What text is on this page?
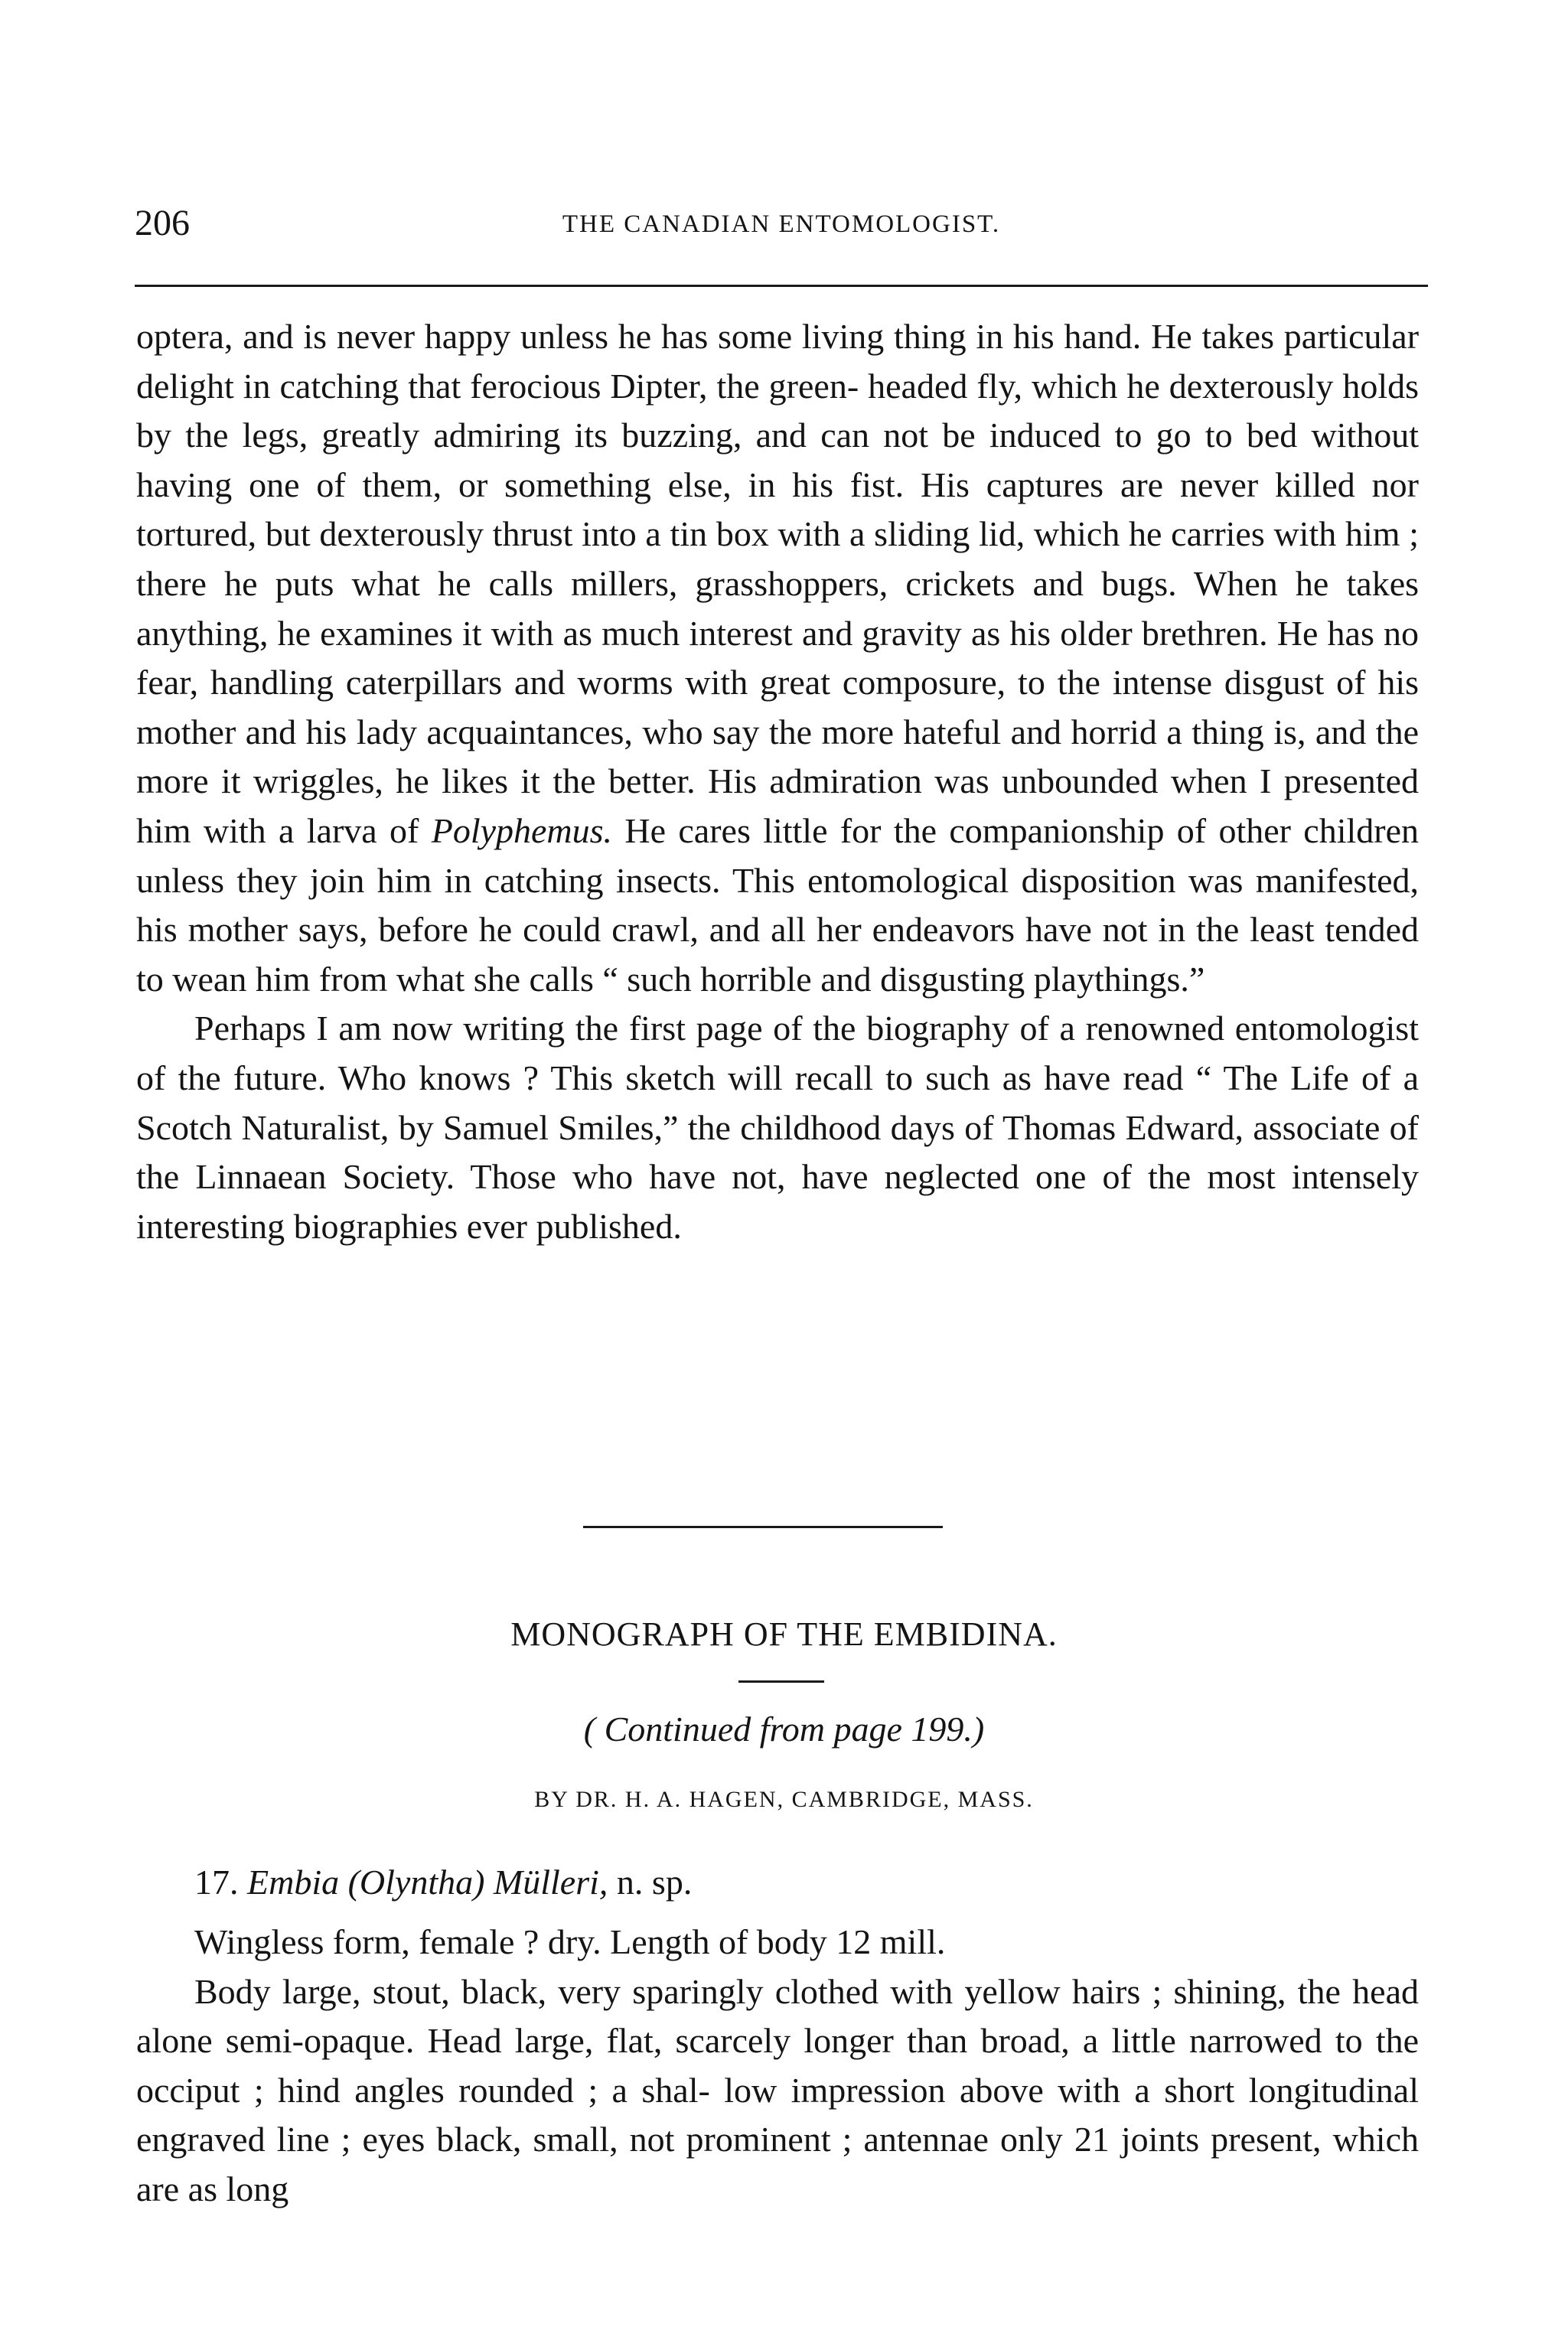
206	THE CANADIAN ENTOMOLOGIST.

optera, and is never happy unless he has some living thing in his hand. He takes particular delight in catching that ferocious Dipter, the green- headed fly, which he dexterously holds by the legs, greatly admiring its buzzing, and can not be induced to go to bed without having one of them, or something else, in his fist. His captures are never killed nor tortured, but dexterously thrust into a tin box with a sliding lid, which he carries with him ; there he puts what he calls millers, grasshoppers, crickets and bugs. When he takes anything, he examines it with as much interest and gravity as his older brethren. He has no fear, handling caterpillars and worms with great composure, to the intense disgust of his mother and his lady acquaintances, who say the more hateful and horrid a thing is, and the more it wriggles, he likes it the better. His admiration was unbounded when I presented him with a larva of Polyphemus. He cares little for the companionship of other children unless they join him in catching insects. This entomological disposition was manifested, his mother says, before he could crawl, and all her endeavors have not in the least tended to wean him from what she calls “ such horrible and disgusting playthings.”

Perhaps I am now writing the first page of the biography of a renowned entomologist of the future. Who knows ? This sketch will recall to such as have read “ The Life of a Scotch Naturalist, by Samuel Smiles,” the childhood days of Thomas Edward, associate of the Linnaean Society. Those who have not, have neglected one of the most intensely interesting biographies ever published.

MONOGRAPH OF THE EMBIDINA.
( Continued from page 199.)
BY DR. H. A. HAGEN, CAMBRIDGE, MASS.
17. Embia (Olyntha) Mülleri, n. sp.

Wingless form, female ? dry. Length of body 12 mill.

Body large, stout, black, very sparingly clothed with yellow hairs ; shining, the head alone semi-opaque. Head large, flat, scarcely longer than broad, a little narrowed to the occiput ; hind angles rounded ; a shal- low impression above with a short longitudinal engraved line ; eyes black, small, not prominent ; antennae only 21 joints present, which are as long
